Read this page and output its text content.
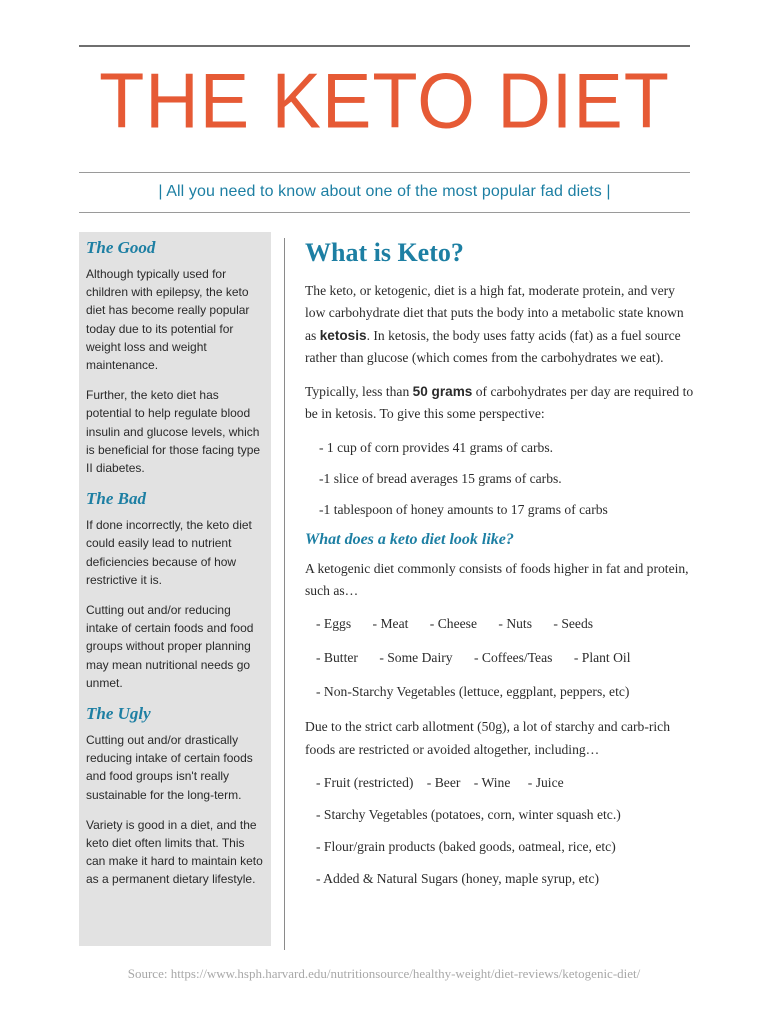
THE KETO DIET
| All you need to know about one of the most popular fad diets |
The Good

Although typically used for children with epilepsy, the keto diet has become really popular today due to its potential for weight loss and weight maintenance.

Further, the keto diet has potential to help regulate blood insulin and glucose levels, which is beneficial for those facing type II diabetes.

The Bad

If done incorrectly, the keto diet could easily lead to nutrient deficiencies because of how restrictive it is.

Cutting out and/or reducing intake of certain foods and food groups without proper planning may mean nutritional needs go unmet.

The Ugly

Cutting out and/or drastically reducing intake of certain foods and food groups isn't really sustainable for the long-term.

Variety is good in a diet, and the keto diet often limits that. This can make it hard to maintain keto as a permanent dietary lifestyle.

What is Keto?

The keto, or ketogenic, diet is a high fat, moderate protein, and very low carbohydrate diet that puts the body into a metabolic state known as ketosis. In ketosis, the body uses fatty acids (fat) as a fuel source rather than glucose (which comes from the carbohydrates we eat).

Typically, less than 50 grams of carbohydrates per day are required to be in ketosis. To give this some perspective:

- 1 cup of corn provides 41 grams of carbs.
-1 slice of bread averages 15 grams of carbs.
-1 tablespoon of honey amounts to 17 grams of carbs
What does a keto diet look like?

A ketogenic diet commonly consists of foods higher in fat and protein, such as…

- Eggs - Meat - Cheese - Nuts - Seeds
- Butter - Some Dairy - Coffees/Teas - Plant Oil
- Non-Starchy Vegetables (lettuce, eggplant, peppers, etc)

Due to the strict carb allotment (50g), a lot of starchy and carb-rich foods are restricted or avoided altogether, including…

- Fruit (restricted) - Beer - Wine - Juice
- Starchy Vegetables (potatoes, corn, winter squash etc.)
- Flour/grain products (baked goods, oatmeal, rice, etc)
- Added & Natural Sugars (honey, maple syrup, etc)
Source: https://www.hsph.harvard.edu/nutritionsource/healthy-weight/diet-reviews/ketogenic-diet/
